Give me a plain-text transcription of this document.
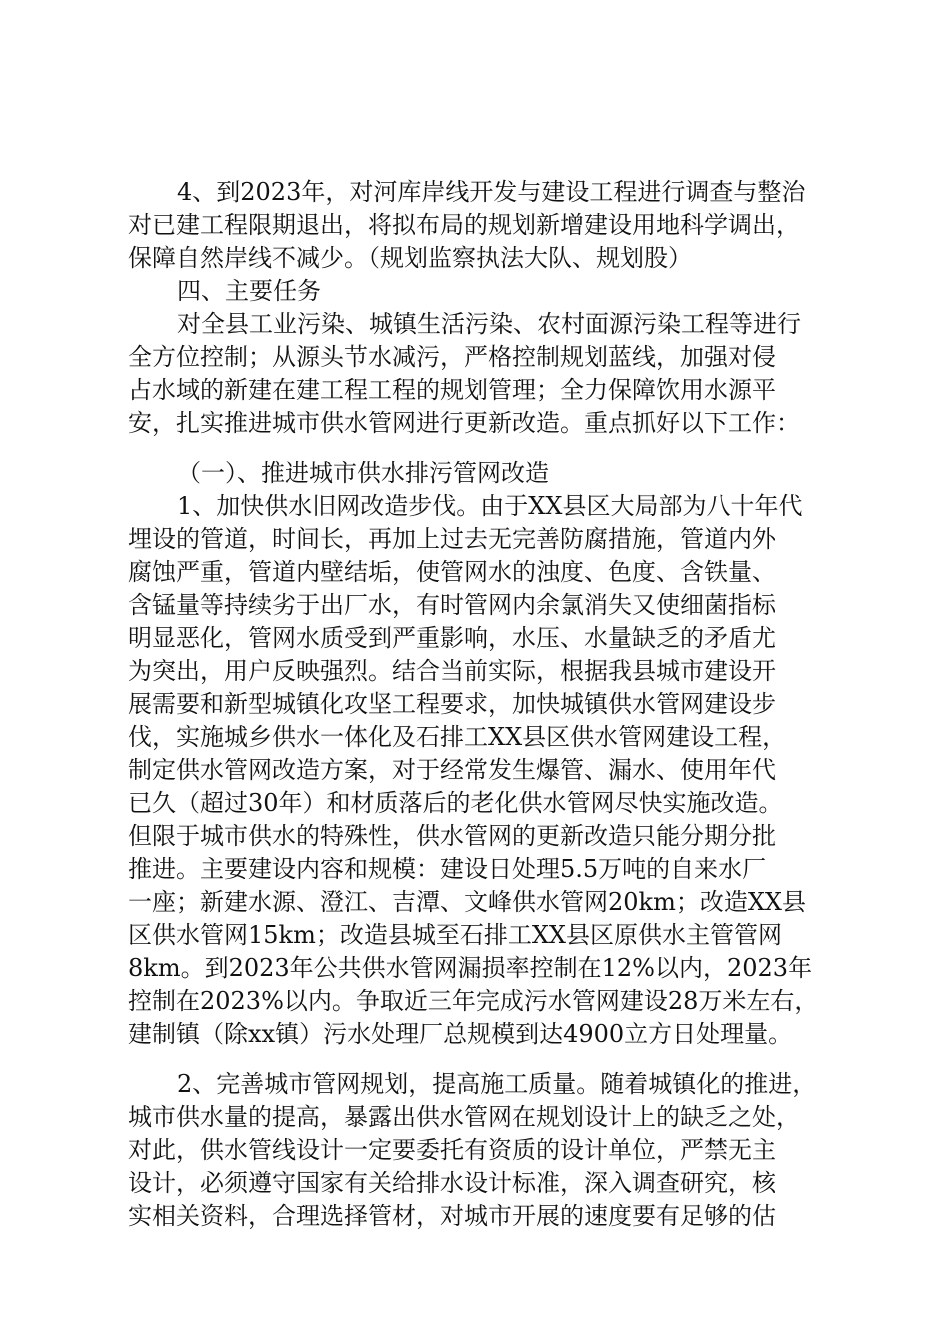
4、到2023年，对河库岸线开发与建设工程进行调查与整治
对已建工程限期退出，将拟布局的规划新增建设用地科学调出，
保障自然岸线不减少。（规划监察执法大队、规划股）
四、主要任务
对全县工业污染、城镇生活污染、农村面源污染工程等进行
全方位控制；从源头节水减污，严格控制规划蓝线，加强对侵
占水域的新建在建工程工程的规划管理；全力保障饮用水源平
安，扎实推进城市供水管网进行更新改造。重点抓好以下工作：
（一）、推进城市供水排污管网改造
1、加快供水旧网改造步伐。由于XX县区大局部为八十年代
埋设的管道，时间长，再加上过去无完善防腐措施，管道内外
腐蚀严重，管道内壁结垢，使管网水的浊度、色度、含铁量、
含锰量等持续劣于出厂水，有时管网内余氯消失又使细菌指标
明显恶化，管网水质受到严重影响，水压、水量缺乏的矛盾尤
为突出，用户反映强烈。结合当前实际，根据我县城市建设开
展需要和新型城镇化攻坚工程要求，加快城镇供水管网建设步
伐，实施城乡供水一体化及石排工XX县区供水管网建设工程，
制定供水管网改造方案，对于经常发生爆管、漏水、使用年代
已久（超过30年）和材质落后的老化供水管网尽快实施改造。
但限于城市供水的特殊性，供水管网的更新改造只能分期分批
推进。主要建设内容和规模：建设日处理5.5万吨的自来水厂
一座；新建水源、澄江、吉潭、文峰供水管网20km；改造XX县
区供水管网15km；改造县城至石排工XX县区原供水主管管网
8km。到2023年公共供水管网漏损率控制在12%以内，2023年
控制在2023%以内。争取近三年完成污水管网建设28万米左右，
建制镇（除xx镇）污水处理厂总规模到达4900立方日处理量。
2、完善城市管网规划，提高施工质量。随着城镇化的推进，
城市供水量的提高，暴露出供水管网在规划设计上的缺乏之处，
对此，供水管线设计一定要委托有资质的设计单位，严禁无主
设计，必须遵守国家有关给排水设计标准，深入调查研究，核
实相关资料，合理选择管材，对城市开展的速度要有足够的估
